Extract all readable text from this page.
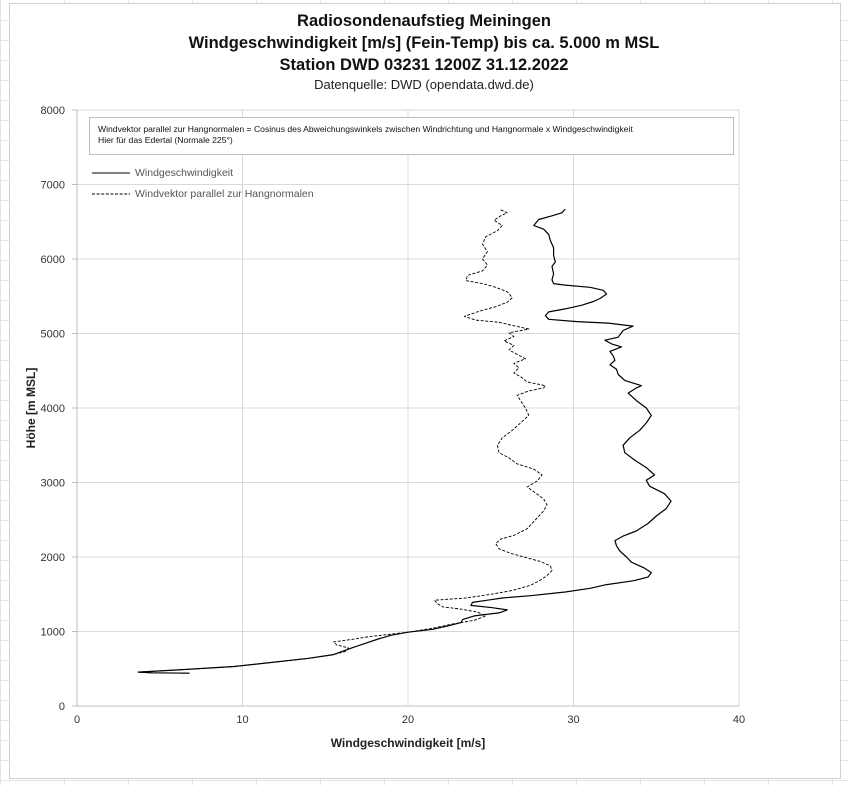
Radiosondenaufstieg Meiningen
Windgeschwindigkeit [m/s] (Fein-Temp) bis ca. 5.000 m MSL
Station DWD 03231 1200Z 31.12.2022
Datenquelle: DWD (opendata.dwd.de)
0	10	20	30	40
0
1000
2000
3000
4000
5000
6000
7000
8000
Windgeschwindigkeit [m/s]
Höhe [m MSL]
Windvektor parallel zur Hangnormalen = Cosinus des Abweichungswinkels zwischen Windrichtung und Hangnormale x Windgeschwindigkeit
Hier für das Edertal (Normale 225°)
Windgeschwindigkeit
Windvektor parallel zur Hangnormalen
